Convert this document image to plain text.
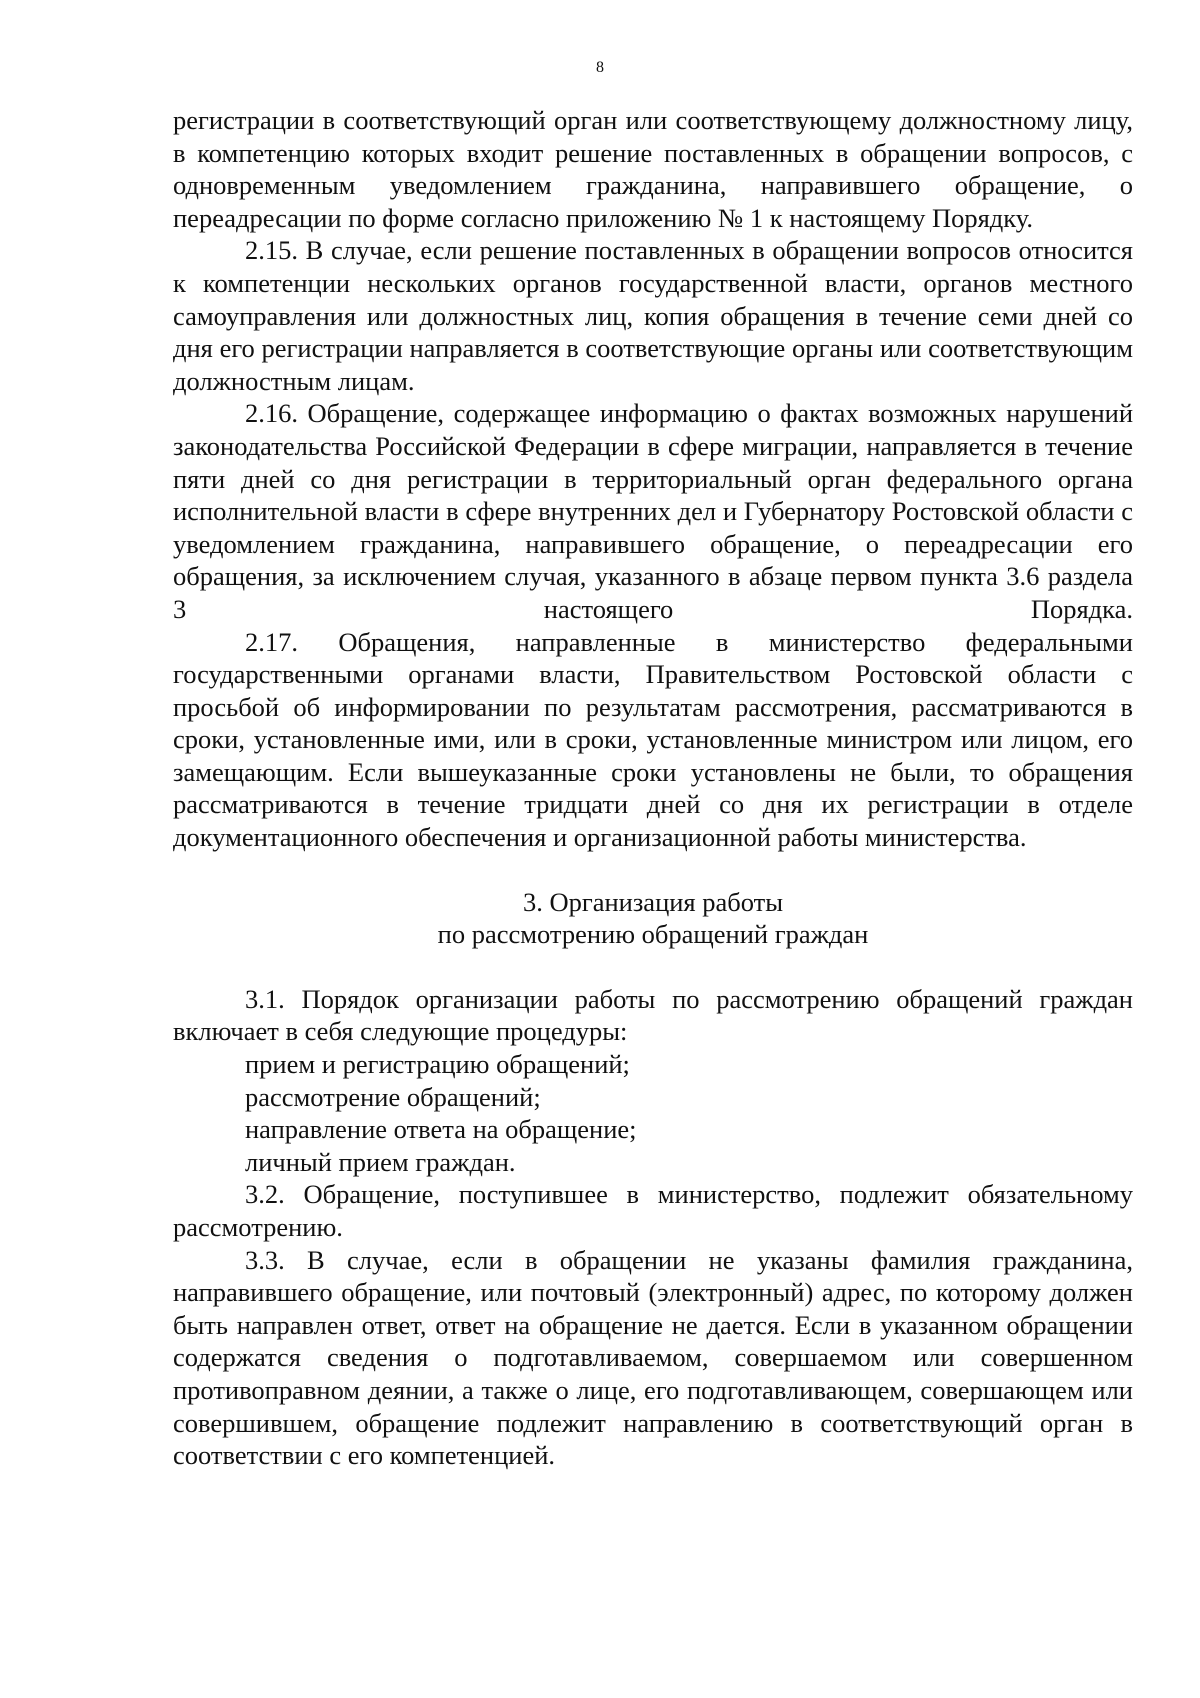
8

регистрации в соответствующий орган или соответствующему должностному лицу, в компетенцию которых входит решение поставленных в обращении вопросов, с одновременным уведомлением гражданина, направившего обращение, о переадресации по форме согласно приложению № 1 к настоящему Порядку.

2.15. В случае, если решение поставленных в обращении вопросов относится к компетенции нескольких органов государственной власти, органов местного самоуправления или должностных лиц, копия обращения в течение семи дней со дня его регистрации направляется в соответствующие органы или соответствующим должностным лицам.

2.16. Обращение, содержащее информацию о фактах возможных нарушений законодательства Российской Федерации в сфере миграции, направляется в течение пяти дней со дня регистрации в территориальный орган федерального органа исполнительной власти в сфере внутренних дел и Губернатору Ростовской области с уведомлением гражданина, направившего обращение, о переадресации его обращения, за исключением случая, указанного в абзаце первом пункта 3.6 раздела 3 настоящего Порядка.

2.17. Обращения, направленные в министерство федеральными государственными органами власти, Правительством Ростовской области с просьбой об информировании по результатам рассмотрения, рассматриваются в сроки, установленные ими, или в сроки, установленные министром или лицом, его замещающим. Если вышеуказанные сроки установлены не были, то обращения рассматриваются в течение тридцати дней со дня их регистрации в отделе документационного обеспечения и организационной работы министерства.

3. Организация работы

по рассмотрению обращений граждан

3.1. Порядок организации работы по рассмотрению обращений граждан включает в себя следующие процедуры:

прием и регистрацию обращений;

рассмотрение обращений;

направление ответа на обращение;

личный прием граждан.

3.2. Обращение, поступившее в министерство, подлежит обязательному рассмотрению.

3.3. В случае, если в обращении не указаны фамилия гражданина, направившего обращение, или почтовый (электронный) адрес, по которому должен быть направлен ответ, ответ на обращение не дается. Если в указанном обращении содержатся сведения о подготавливаемом, совершаемом или совершенном противоправном деянии, а также о лице, его подготавливающем, совершающем или совершившем, обращение подлежит направлению в соответствующий орган в соответствии с его компетенцией.
